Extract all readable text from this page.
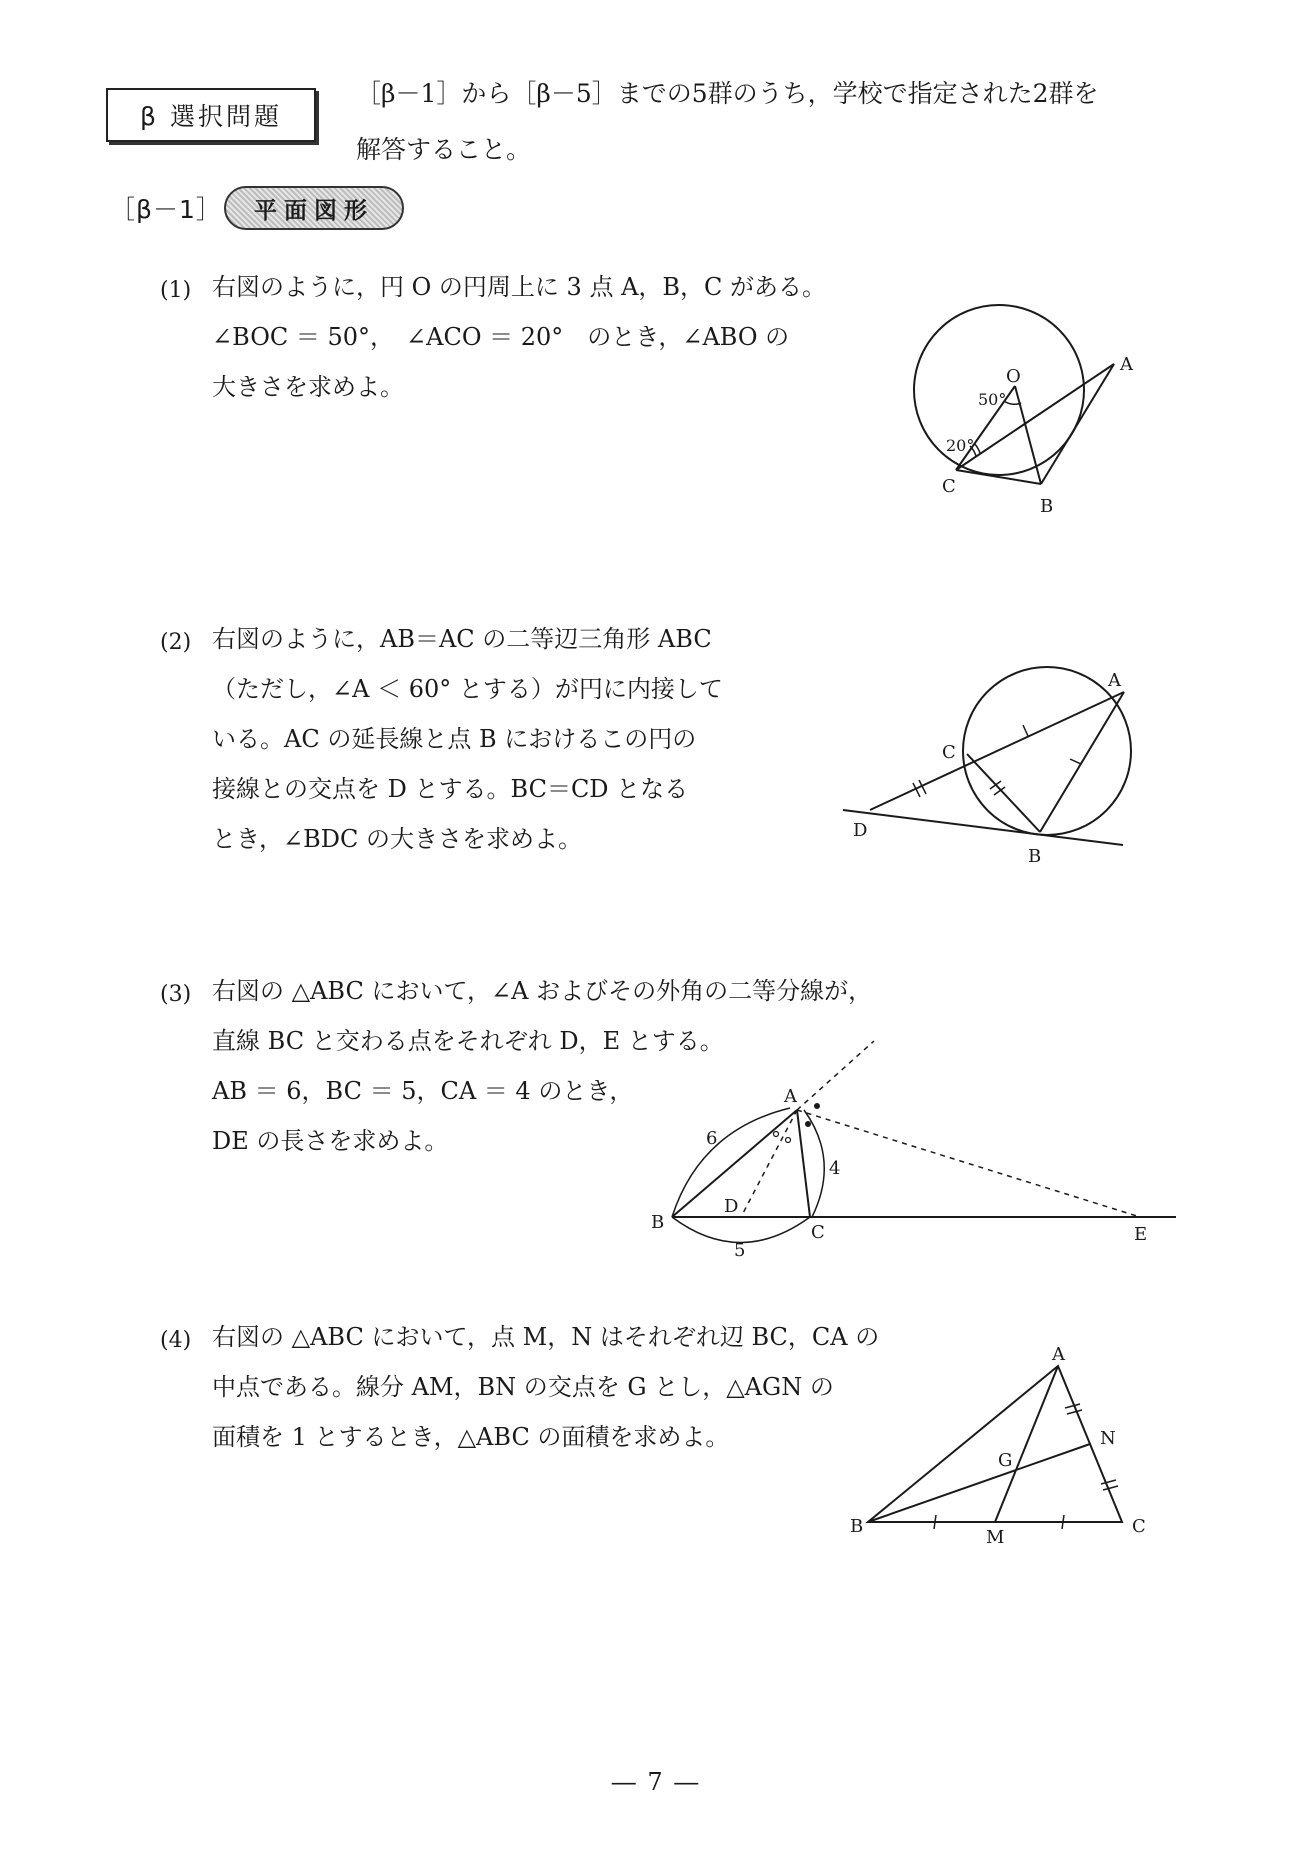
β 選択問題
［β－1］から［β－5］までの5群のうち，学校で指定された2群を
解答すること。
［β－1］	平面図形
(1) 右図のように，円 O の円周上に 3 点 A，B，C がある。
∠BOC ＝ 50°，　∠ACO ＝ 20°　のとき，∠ABO の
大きさを求めよ。
(2) 右図のように，AB＝AC の二等辺三角形 ABC
（ただし，∠A ＜ 60° とする）が円に内接して
いる。AC の延長線と点 B におけるこの円の
接線との交点を D とする。BC＝CD となる
とき，∠BDC の大きさを求めよ。
(3) 右図の △ABC において，∠A およびその外角の二等分線が，
直線 BC と交わる点をそれぞれ D，E とする。
AB ＝ 6，BC ＝ 5，CA ＝ 4 のとき，
DE の長さを求めよ。
(4) 右図の △ABC において，点 M，N はそれぞれ辺 BC，CA の
中点である。線分 AM，BN の交点を G とし，△AGN の
面積を 1 とするとき，△ABC の面積を求めよ。
O
A
B
C
50°
20°
A
B
C
D
A
B	C
D
E
6
4
5
A
B	C
M
N
G
― 7 ―
